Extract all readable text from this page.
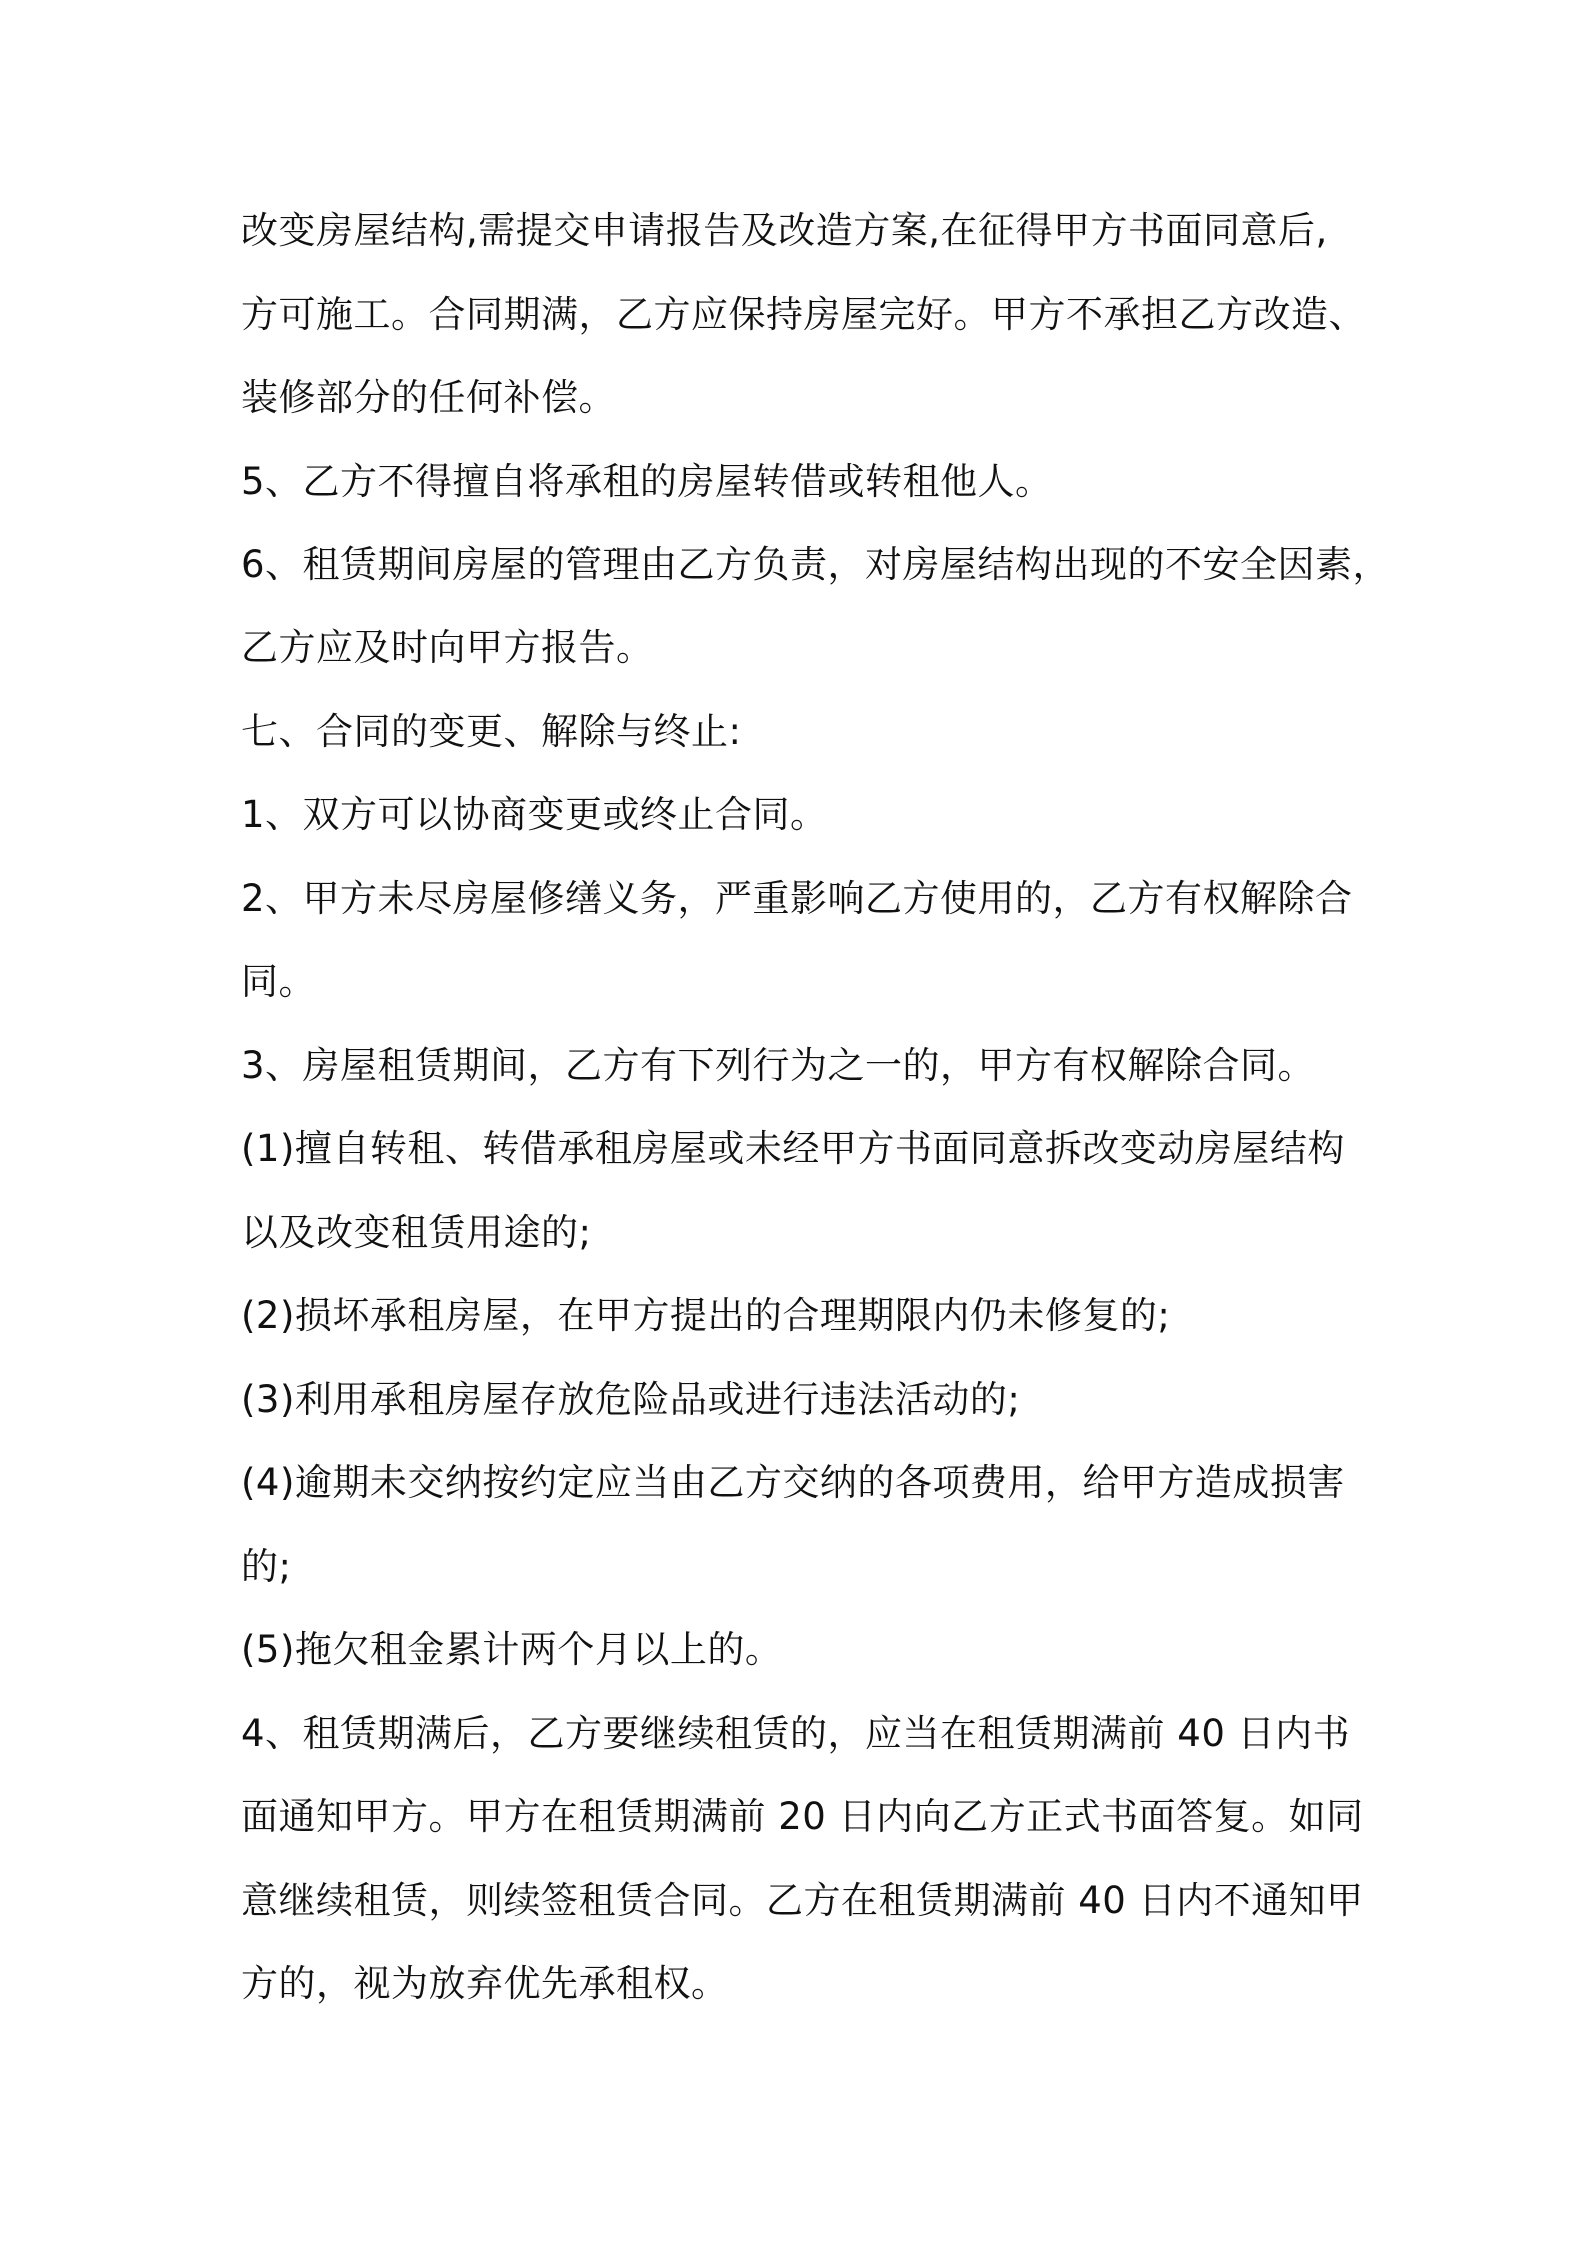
改变房屋结构,需提交申请报告及改造方案,在征得甲方书面同意后,
方可施工。合同期满，乙方应保持房屋完好。甲方不承担乙方改造、
装修部分的任何补偿。
5、乙方不得擅自将承租的房屋转借或转租他人。
6、租赁期间房屋的管理由乙方负责，对房屋结构出现的不安全因素，
乙方应及时向甲方报告。
七、合同的变更、解除与终止:
1、双方可以协商变更或终止合同。
2、甲方未尽房屋修缮义务，严重影响乙方使用的，乙方有权解除合
同。
3、房屋租赁期间，乙方有下列行为之一的，甲方有权解除合同。
(1)擅自转租、转借承租房屋或未经甲方书面同意拆改变动房屋结构
以及改变租赁用途的;
(2)损坏承租房屋，在甲方提出的合理期限内仍未修复的;
(3)利用承租房屋存放危险品或进行违法活动的;
(4)逾期未交纳按约定应当由乙方交纳的各项费用，给甲方造成损害
的;
(5)拖欠租金累计两个月以上的。
4、租赁期满后，乙方要继续租赁的，应当在租赁期满前 40 日内书
面通知甲方。甲方在租赁期满前 20 日内向乙方正式书面答复。如同
意继续租赁，则续签租赁合同。乙方在租赁期满前 40 日内不通知甲
方的，视为放弃优先承租权。
